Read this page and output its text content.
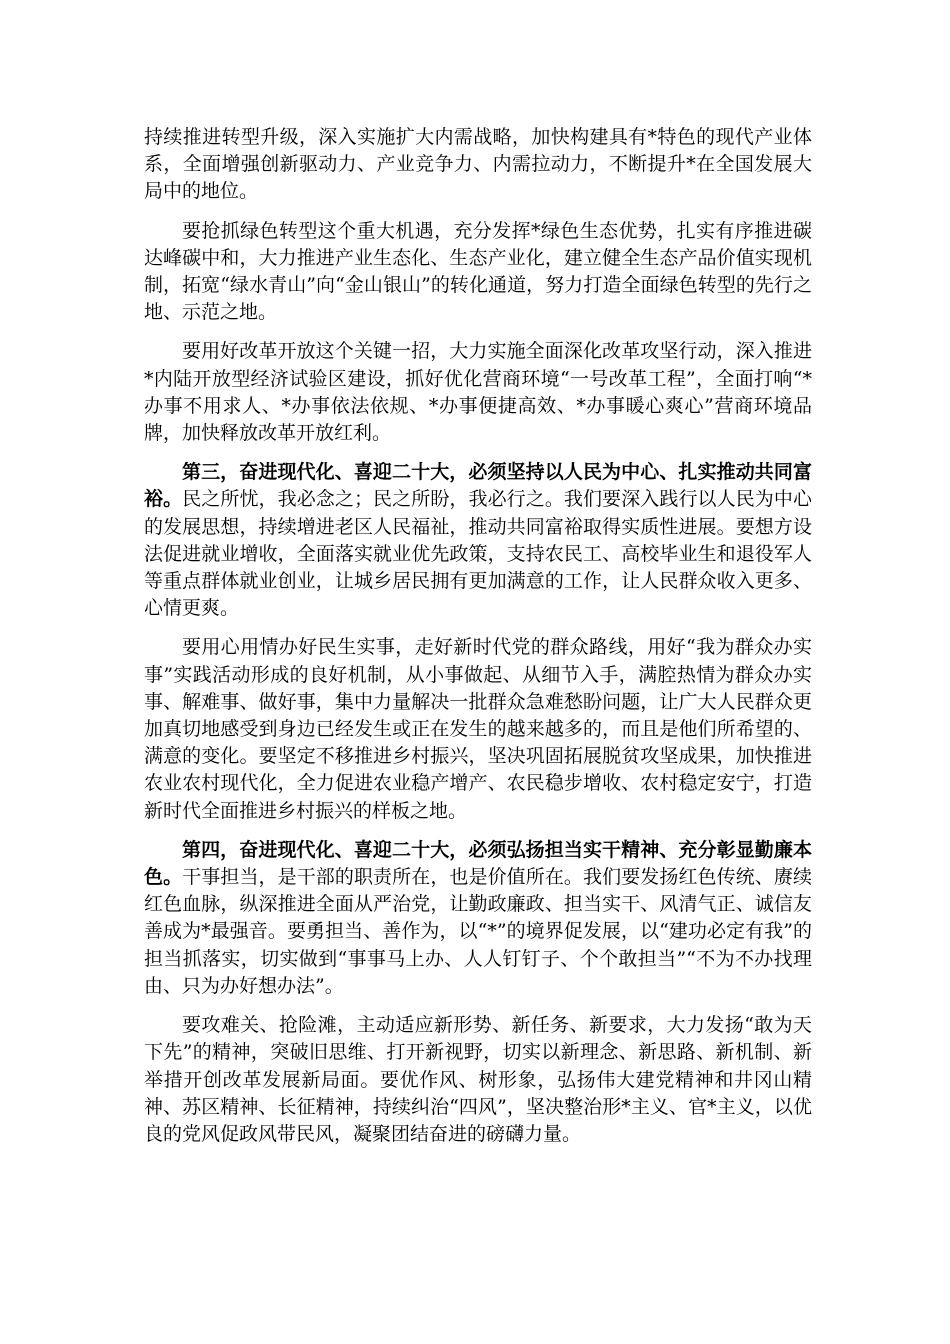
持续推进转型升级，深入实施扩大内需战略，加快构建具有*特色的现代产业体系，全面增强创新驱动力、产业竞争力、内需拉动力，不断提升*在全国发展大局中的地位。

要抢抓绿色转型这个重大机遇，充分发挥*绿色生态优势，扎实有序推进碳达峰碳中和，大力推进产业生态化、生态产业化，建立健全生态产品价值实现机制，拓宽“绿水青山”向“金山银山”的转化通道，努力打造全面绿色转型的先行之地、示范之地。

要用好改革开放这个关键一招，大力实施全面深化改革攻坚行动，深入推进*内陆开放型经济试验区建设，抓好优化营商环境“一号改革工程”，全面打响“*办事不用求人、*办事依法依规、*办事便捷高效、*办事暖心爽心”营商环境品牌，加快释放改革开放红利。

第三，奋进现代化、喜迎二十大，必须坚持以人民为中心、扎实推动共同富裕。民之所忧，我必念之；民之所盼，我必行之。我们要深入践行以人民为中心的发展思想，持续增进老区人民福祉，推动共同富裕取得实质性进展。要想方设法促进就业增收，全面落实就业优先政策，支持农民工、高校毕业生和退役军人等重点群体就业创业，让城乡居民拥有更加满意的工作，让人民群众收入更多、心情更爽。

要用心用情办好民生实事，走好新时代党的群众路线，用好“我为群众办实事”实践活动形成的良好机制，从小事做起、从细节入手，满腔热情为群众办实事、解难事、做好事，集中力量解决一批群众急难愁盼问题，让广大人民群众更加真切地感受到身边已经发生或正在发生的越来越多的，而且是他们所希望的、满意的变化。要坚定不移推进乡村振兴，坚决巩固拓展脱贫攻坚成果，加快推进农业农村现代化，全力促进农业稳产增产、农民稳步增收、农村稳定安宁，打造新时代全面推进乡村振兴的样板之地。

第四，奋进现代化、喜迎二十大，必须弘扬担当实干精神、充分彰显勤廉本色。干事担当，是干部的职责所在，也是价值所在。我们要发扬红色传统、赓续红色血脉，纵深推进全面从严治党，让勤政廉政、担当实干、风清气正、诚信友善成为*最强音。要勇担当、善作为，以“*”的境界促发展，以“建功必定有我”的担当抓落实，切实做到“事事马上办、人人钉钉子、个个敢担当”“不为不办找理由、只为办好想办法”。

要攻难关、抢险滩，主动适应新形势、新任务、新要求，大力发扬“敢为天下先”的精神，突破旧思维、打开新视野，切实以新理念、新思路、新机制、新举措开创改革发展新局面。要优作风、树形象，弘扬伟大建党精神和井冈山精神、苏区精神、长征精神，持续纠治“四风”，坚决整治形*主义、官*主义，以优良的党风促政风带民风，凝聚团结奋进的磅礴力量。
